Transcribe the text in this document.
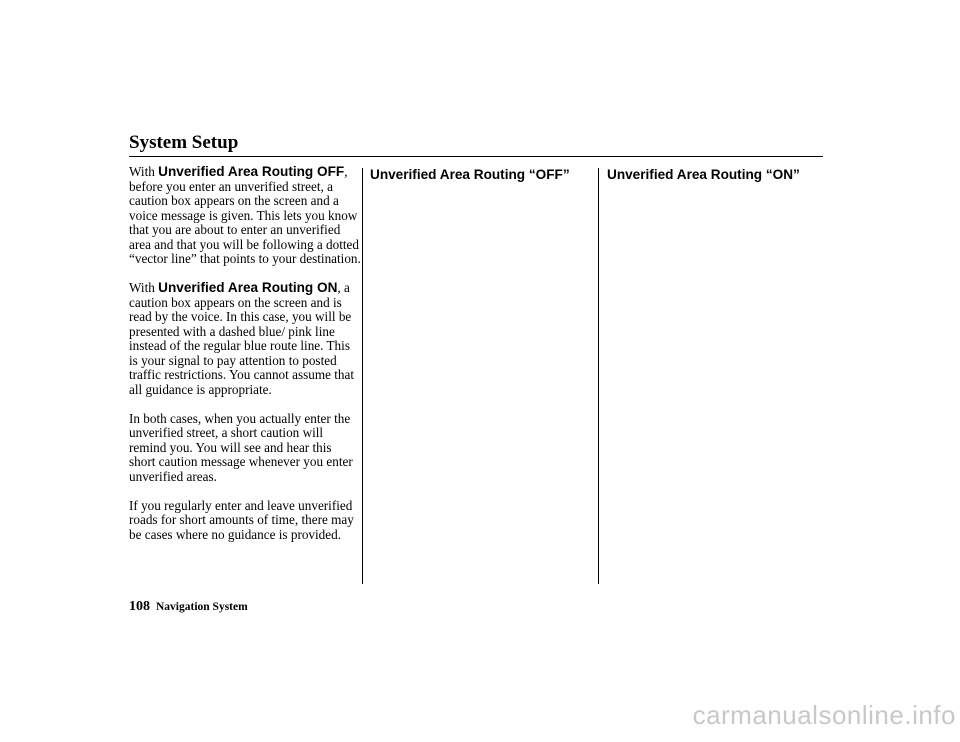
System Setup

With Unverified Area Routing OFF, before you enter an unverified street, a caution box appears on the screen and a voice message is given. This lets you know that you are about to enter an unverified area and that you will be following a dotted “vector line” that points to your destination.

With Unverified Area Routing ON, a caution box appears on the screen and is read by the voice. In this case, you will be presented with a dashed blue/ pink line instead of the regular blue route line. This is your signal to pay attention to posted traffic restrictions. You cannot assume that all guidance is appropriate.

In both cases, when you actually enter the unverified street, a short caution will remind you. You will see and hear this short caution message whenever you enter unverified areas.

If you regularly enter and leave unverified roads for short amounts of time, there may be cases where no guidance is provided.

Unverified Area Routing “OFF”	Unverified Area Routing “ON”
108 Navigation System
carmanualsonline.info
